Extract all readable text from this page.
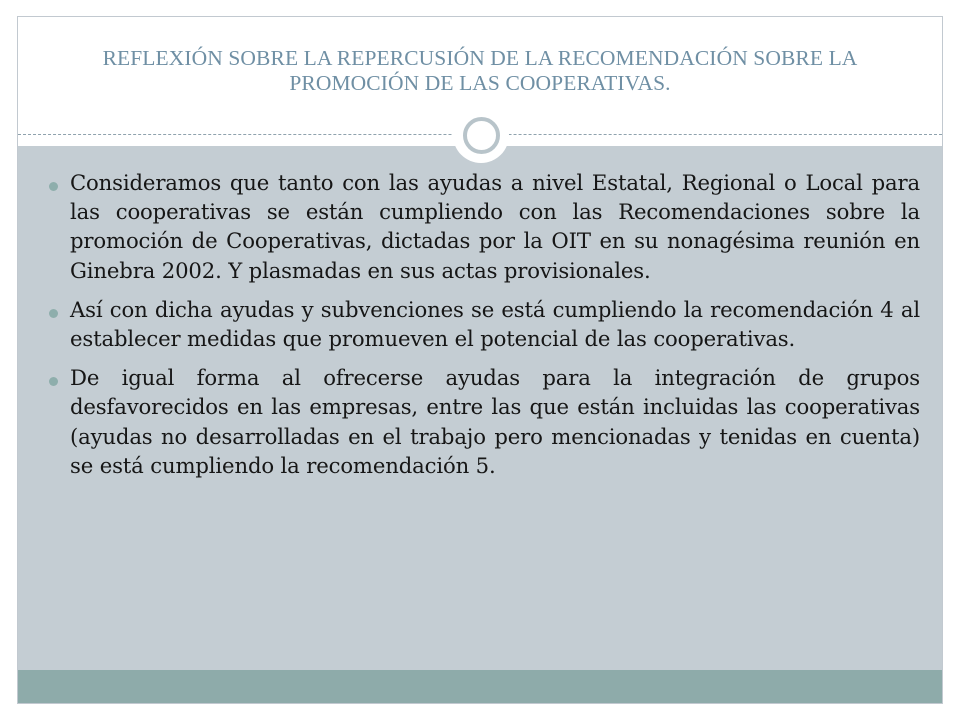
REFLEXIÓN SOBRE LA REPERCUSIÓN DE LA RECOMENDACIÓN SOBRE LA PROMOCIÓN DE LAS COOPERATIVAS.
Consideramos que tanto con las ayudas a nivel Estatal, Regional o Local para las cooperativas se están cumpliendo con las Recomendaciones sobre la promoción de Cooperativas, dictadas por la OIT en su nonagésima reunión en Ginebra 2002. Y plasmadas en sus actas provisionales.
Así con dicha ayudas y subvenciones se está cumpliendo la recomendación 4 al establecer medidas que promueven el potencial de las cooperativas.
De igual forma al ofrecerse ayudas para la integración de grupos desfavorecidos en las empresas, entre las que están incluidas las cooperativas (ayudas no desarrolladas en el trabajo pero mencionadas y tenidas en cuenta) se está cumpliendo la recomendación 5.
